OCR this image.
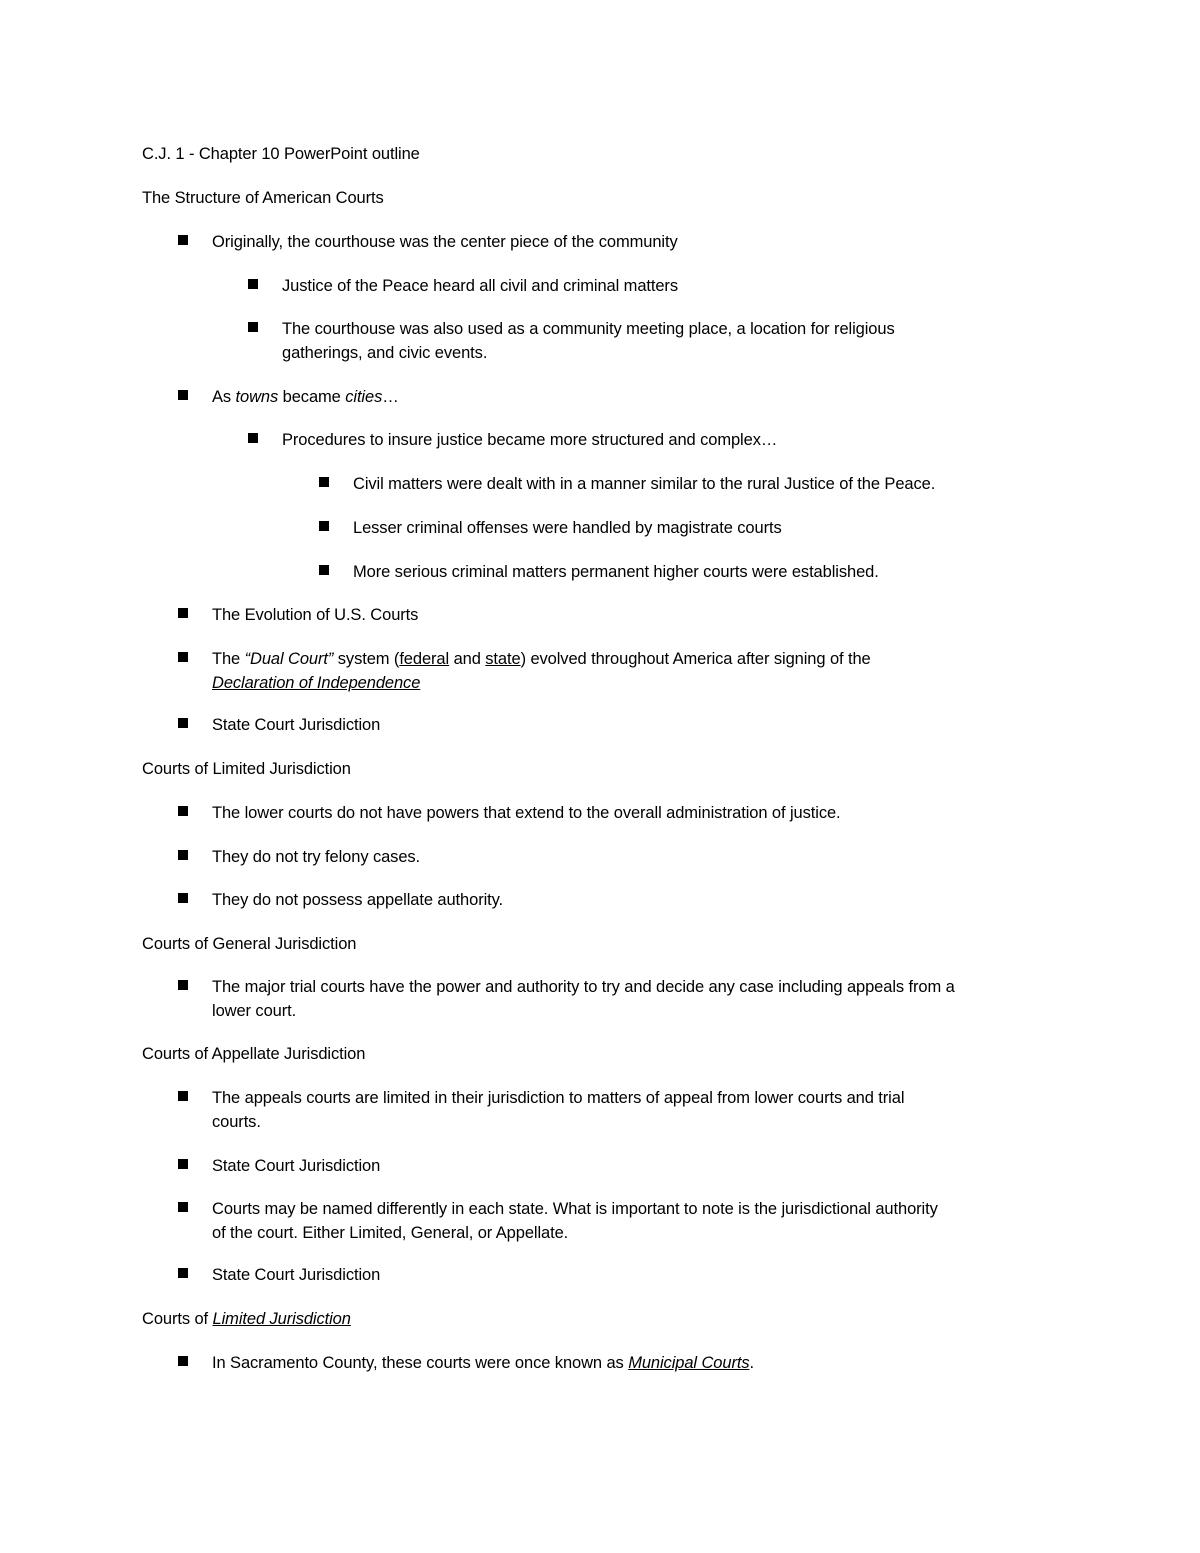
C.J. 1 - Chapter 10 PowerPoint outline
The Structure of American Courts
Originally, the courthouse was the center piece of the community
Justice of the Peace heard all civil and criminal matters
The courthouse was also used as a community meeting place, a location for religious
gatherings, and civic events.
As towns became cities…
Procedures to insure justice became more structured and complex…
Civil matters were dealt with in a manner similar to the rural Justice of the Peace.
Lesser criminal offenses were handled by magistrate courts
More serious criminal matters permanent higher courts were established.
The Evolution of U.S. Courts
The “Dual Court” system (federal and state) evolved throughout America after signing of the
Declaration of Independence
State Court Jurisdiction
Courts of Limited Jurisdiction
The lower courts do not have powers that extend to the overall administration of justice.
They do not try felony cases.
They do not possess appellate authority.
Courts of General Jurisdiction
The major trial courts have the power and authority to try and decide any case including appeals from a
lower court.
Courts of Appellate Jurisdiction
The appeals courts are limited in their jurisdiction to matters of appeal from lower courts and trial
courts.
State Court Jurisdiction
Courts may be named differently in each state. What is important to note is the jurisdictional authority
of the court. Either Limited, General, or Appellate.
State Court Jurisdiction
Courts of Limited Jurisdiction
In Sacramento County, these courts were once known as Municipal Courts.
